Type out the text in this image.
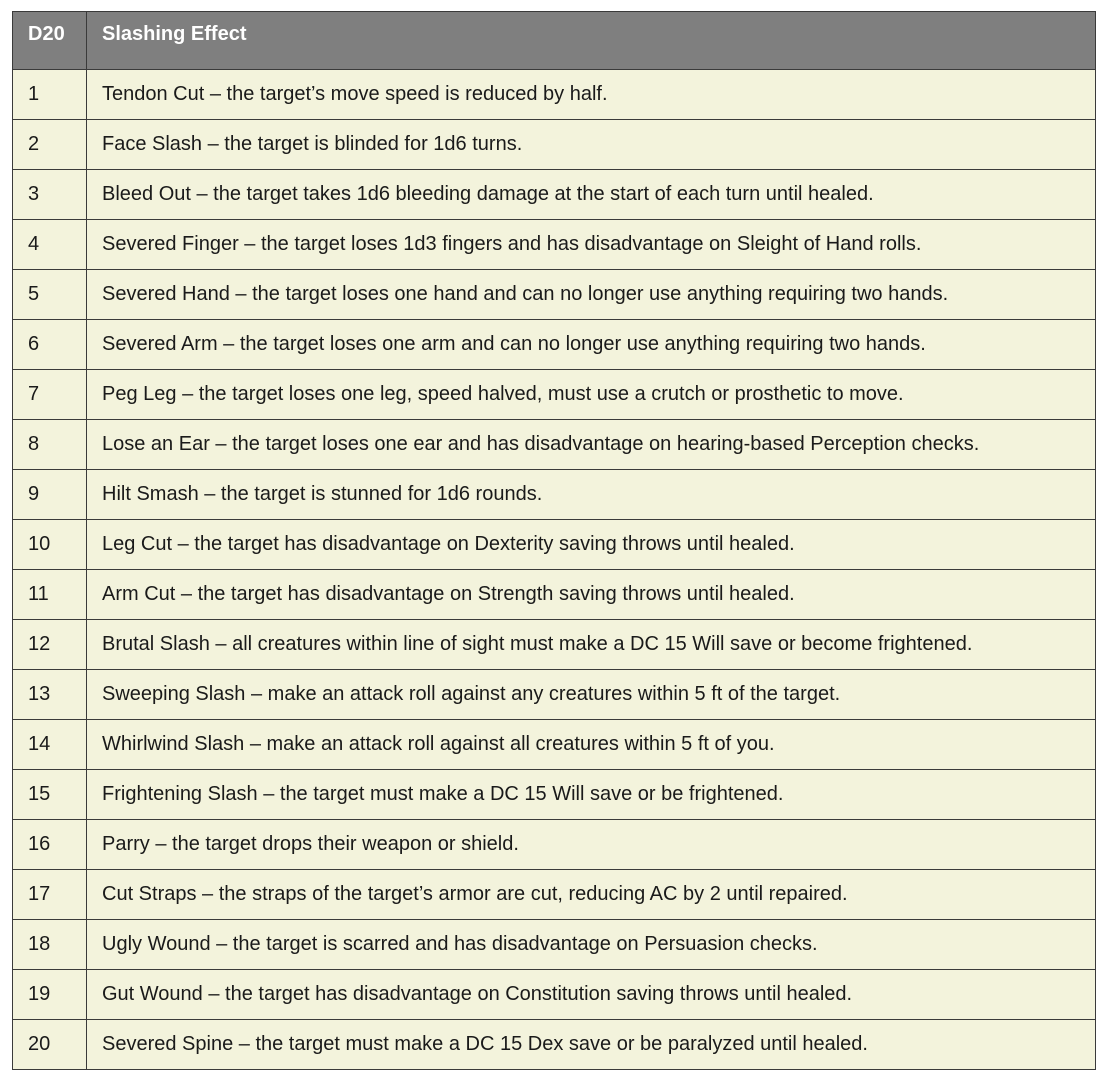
D20	Slashing Effect
1	Tendon Cut – the target’s move speed is reduced by half.
2	Face Slash – the target is blinded for 1d6 turns.
3	Bleed Out – the target takes 1d6 bleeding damage at the start of each turn until healed.
4	Severed Finger – the target loses 1d3 fingers and has disadvantage on Sleight of Hand rolls.
5	Severed Hand – the target loses one hand and can no longer use anything requiring two hands.
6	Severed Arm – the target loses one arm and can no longer use anything requiring two hands.
7	Peg Leg – the target loses one leg, speed halved, must use a crutch or prosthetic to move.
8	Lose an Ear – the target loses one ear and has disadvantage on hearing-based Perception checks.
9	Hilt Smash – the target is stunned for 1d6 rounds.
10	Leg Cut – the target has disadvantage on Dexterity saving throws until healed.
11	Arm Cut – the target has disadvantage on Strength saving throws until healed.
12	Brutal Slash – all creatures within line of sight must make a DC 15 Will save or become frightened.
13	Sweeping Slash – make an attack roll against any creatures within 5 ft of the target.
14	Whirlwind Slash – make an attack roll against all creatures within 5 ft of you.
15	Frightening Slash – the target must make a DC 15 Will save or be frightened.
16	Parry – the target drops their weapon or shield.
17	Cut Straps – the straps of the target’s armor are cut, reducing AC by 2 until repaired.
18	Ugly Wound – the target is scarred and has disadvantage on Persuasion checks.
19	Gut Wound – the target has disadvantage on Constitution saving throws until healed.
20	Severed Spine – the target must make a DC 15 Dex save or be paralyzed until healed.
